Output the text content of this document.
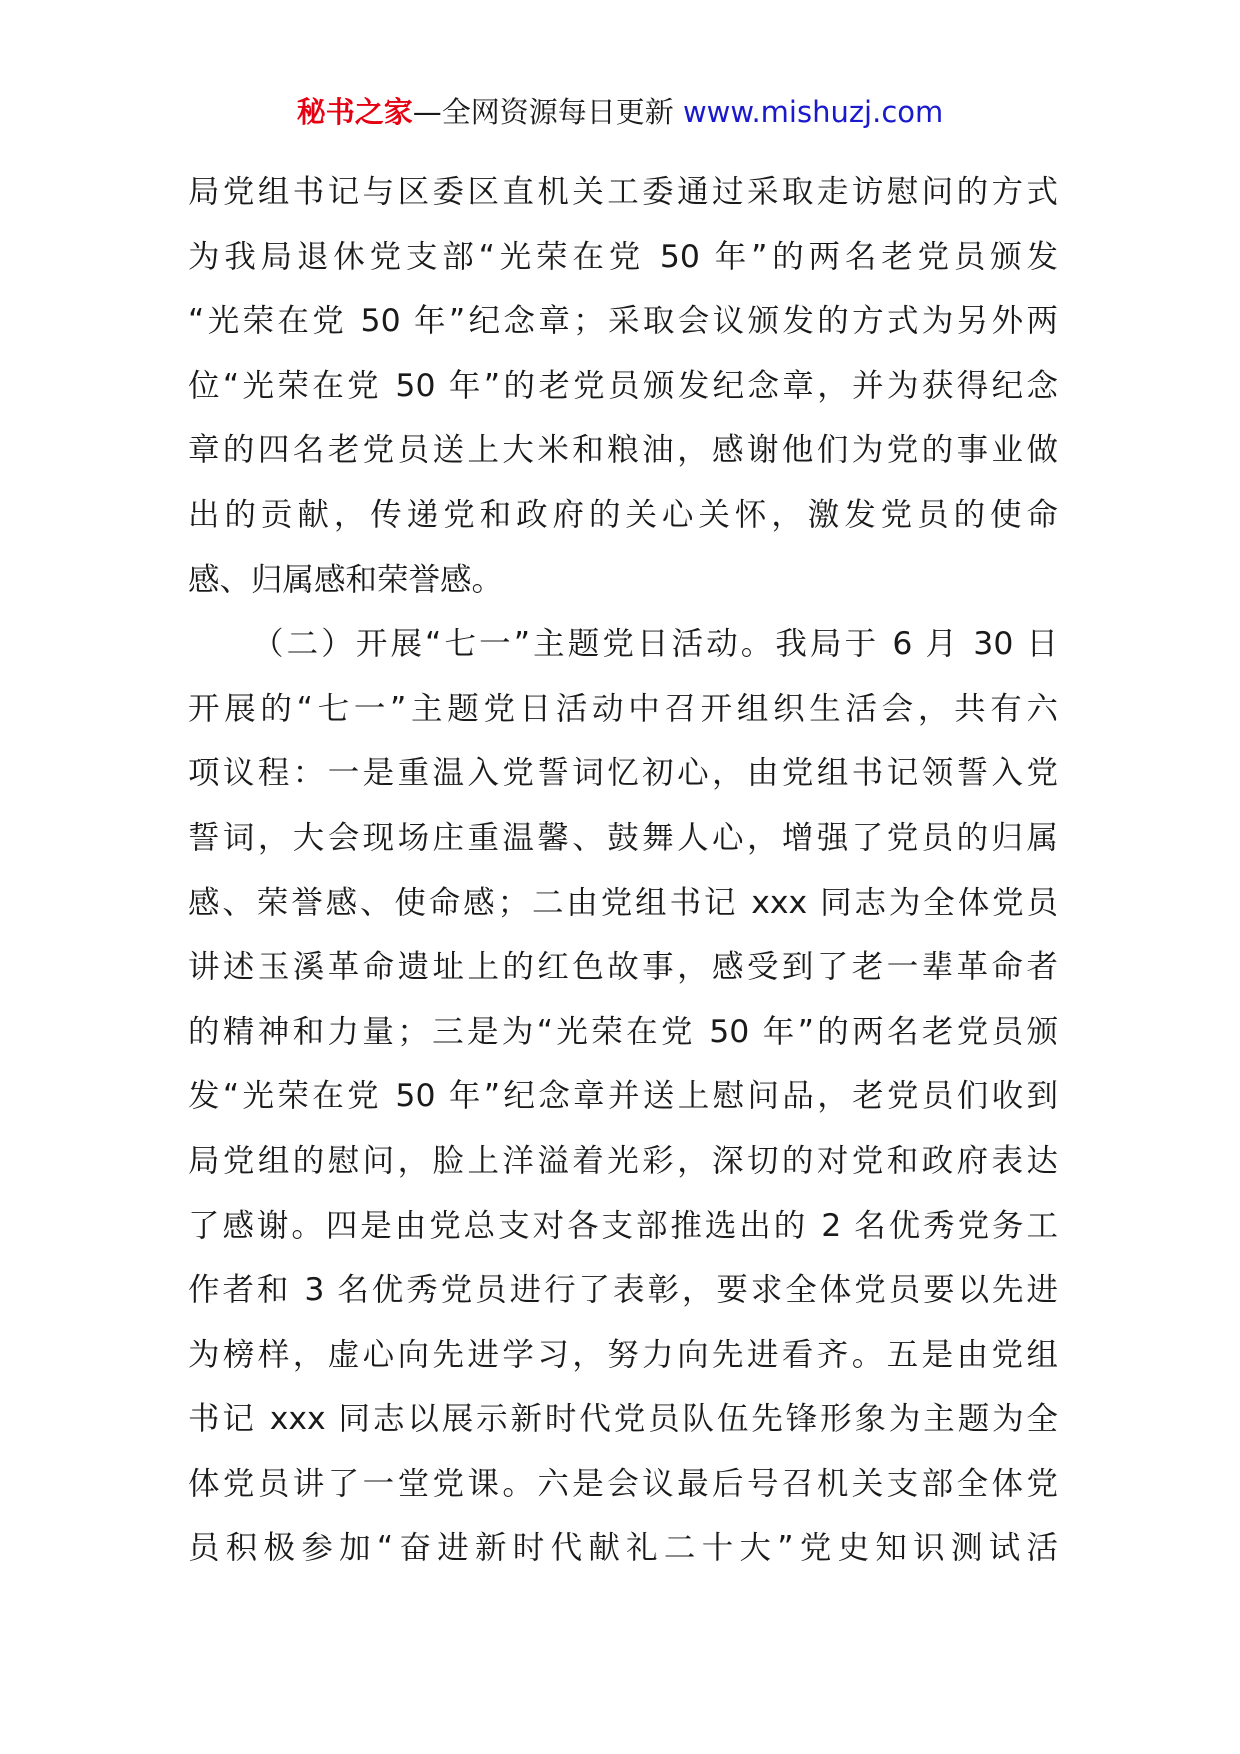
秘书之家—全网资源每日更新 www.mishuzj.com
局党组书记与区委区直机关工委通过采取走访慰问的方式
为我局退休党支部“光荣在党 50 年”的两名老党员颁发
“光荣在党 50 年”纪念章；采取会议颁发的方式为另外两
位“光荣在党 50 年”的老党员颁发纪念章，并为获得纪念
章的四名老党员送上大米和粮油，感谢他们为党的事业做
出的贡献，传递党和政府的关心关怀，激发党员的使命
感、归属感和荣誉感。
（二）开展“七一”主题党日活动。我局于 6 月 30 日
开展的“七一”主题党日活动中召开组织生活会，共有六
项议程：一是重温入党誓词忆初心，由党组书记领誓入党
誓词，大会现场庄重温馨、鼓舞人心，增强了党员的归属
感、荣誉感、使命感；二由党组书记 xxx 同志为全体党员
讲述玉溪革命遗址上的红色故事，感受到了老一辈革命者
的精神和力量；三是为“光荣在党 50 年”的两名老党员颁
发“光荣在党 50 年”纪念章并送上慰问品，老党员们收到
局党组的慰问，脸上洋溢着光彩，深切的对党和政府表达
了感谢。四是由党总支对各支部推选出的 2 名优秀党务工
作者和 3 名优秀党员进行了表彰，要求全体党员要以先进
为榜样，虚心向先进学习，努力向先进看齐。五是由党组
书记 xxx 同志以展示新时代党员队伍先锋形象为主题为全
体党员讲了一堂党课。六是会议最后号召机关支部全体党
员积极参加“奋进新时代献礼二十大”党史知识测试活
